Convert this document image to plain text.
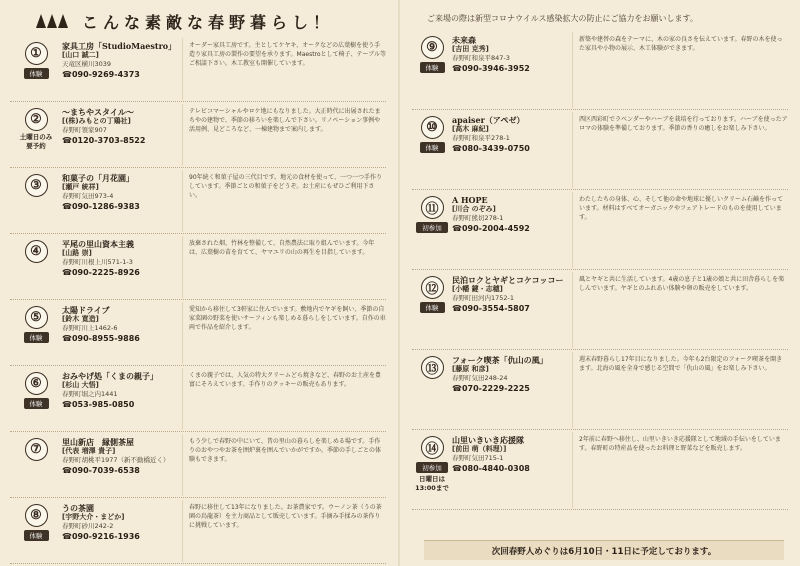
こんな素敵な春野暮らし！
①
体験
家具工房「StudioMaestro」
[山口 誠二]
天竜区横川3039
☎090-9269-4373
オーダー家具工房です。主としてケヤキ、オークなどの広葉樹を使う手造り家具工房の製作の要望を承ります。Maestroとして椅子、テーブル等ご相談下さい。木工教室も開催しています。
②
土曜日のみ
要予約
～まちやスタイル～
[(株)みもとの丁鶏社]
春野町領家907
☎0120-3703-8522
テレビコマーシャルやロケ地にもなりました。大正時代に出展されたまちやの建物で、季節の移ろいを楽しんで下さい。リノベーション事例や活用例、見どころなど、一棟建物まで案内します。
③	和菓子の「月花園」
[瀬戸 統祥]
春野町気田973-4
☎090-1286-9383
90年続く和菓子屋の三代目です。地元の食材を使って、一つ一つ手作りしています。季節ごとの和菓子をどうぞ。お土産にもぜひご利用下さい。
④	平尾の里山資本主義
[山路 崇]
春野町川根上川571-1-3
☎090-2225-8926
放棄された畑、竹林を整備して、自然農法に取り組んでいます。今年は、広葉樹の苗を育てて、ヤマユリの山の再生を目指しています。
⑤
体験
太陽ドライブ
[鈴木 寛造]
春野町川上1462-6
☎090-8955-9886
愛知から移住して3軒家に住んでいます。敷地内でヤギを飼い、季節の自家菜園の野菜を使いサーフィンも楽しめる暮らしをしています。自作の車両で作品を紹介します。
⑥
体験
おみやげ処「くまの親子」
[杉山 大悟]
春野町堀之内1441
☎053-985-0850
くまの親子では、人気の特大クリームどら焼きなど、春野のお土産を豊富にそろえています。手作りのクッキーの販売もあります。
⑦	里山新店　縁側茶屋
[代表 増澤 貴子]
春野町胡桃平1977（新不動橋近く）
☎090-7039-6538
もう少しで春野の中にいて、昔の里山の暮らしを楽しめる場です。手作りのおやつやお茶を囲炉裏を囲んでいかがですか。季節の手しごとの体験もできます。
⑧
体験
うの茶園
[宇野大介・まどか]
春野町砂川242-2
☎090-9216-1936
春野に移住して13年になりました。お茶農家です。ウーノン茶（うの茶園の烏龍茶）を主力商品として販売しています。手摘み手揉みの茶作りに挑戦しています。
ご来場の際は新型コロナウイルス感染拡大の防止にご協力をお願いします。
⑨
体験
未来森
[吉田 克秀]
春野町和泉平847-3
☎090-3946-3952
新築や建替の森をテーマに、木の家の良さを伝えています。春野の木を使った家具や小物の展示、木工体験ができます。
⑩
体験
apaiser（アペゼ）
[高木 麻紀]
春野町和泉平278-1
☎080-3439-0750
西区西彩町でラベンダーやハーブを栽培を行っております。ハーブを使ったアロマの体験を準備しております。季節の香りの癒しをお楽しみ下さい。
⑪
初参加
A HOPE
[川合 のぞみ]
春野町熊切278-1
☎090-2004-4592
わたしたちの身体、心、そして他の命や地球に優しいクリーム石鹸を作っています。材料はすべてオーガニックやフェアトレードのものを使用しています。
⑫
体験
民泊ロクとヤギとコケコッコー
[小幡 鍵・志穂]
春野町田河内1752-1
☎090-3554-5807
風とヤギと共に生活しています。4歳の息子と1歳の娘と共に田舎暮らしを楽しんでいます。ヤギとのふれあい体験や卵の販売をしています。
⑬
フォーク喫茶「仇山の風」
[藤原 和彦]
春野町気田248-24
☎070-2229-2225
週末春野暮らし17年目になりました。今年も2台限定のフォーク喫茶を開きます。北海の風を全身で感じる空間で「仇山の風」をお楽しみ下さい。
⑭
初参加
日曜日は13:00まで
山里いきいき応援隊
[前田 萌（料理）]
春野町気田715-1
☎080-4840-0308
2年前に春野へ移住し、山里いきいき応援隊として地域の手伝いをしています。春野町の特産品を使ったお料理と野菜などを販売します。
次回春野人めぐりは6月10日・11日に予定しております。
